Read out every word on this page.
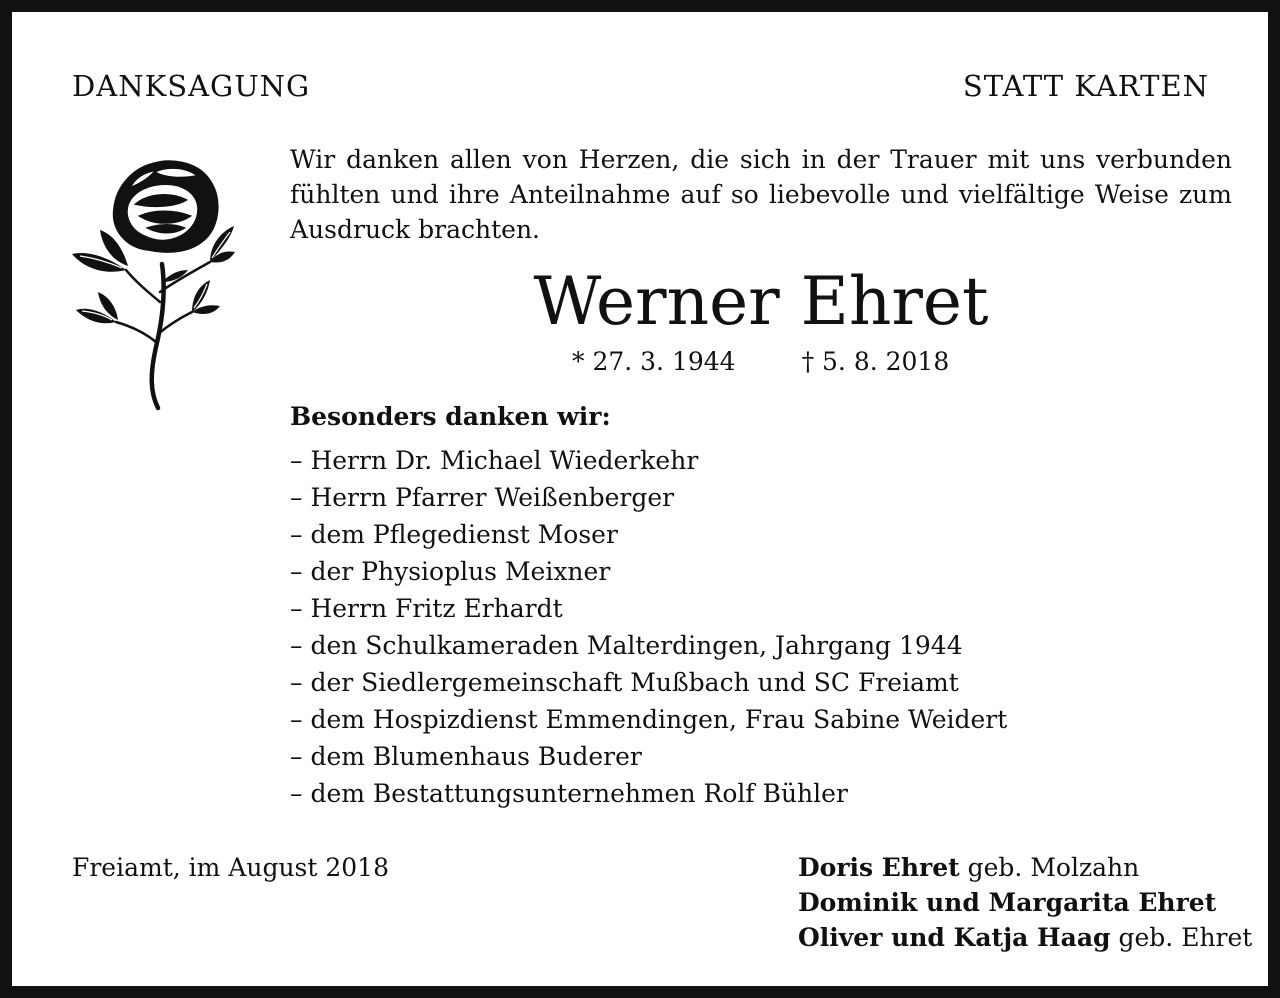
DANKSAGUNG	STATT KARTEN
Wir danken allen von Herzen, die sich in der Trauer mit uns verbunden fühlten und ihre Anteilnahme auf so liebevolle und vielfältige Weise zum Ausdruck brachten.
Werner Ehret
* 27. 3. 1944	† 5. 8. 2018
Besonders danken wir:
– Herrn Dr. Michael Wiederkehr
– Herrn Pfarrer Weißenberger
– dem Pflegedienst Moser
– der Physioplus Meixner
– Herrn Fritz Erhardt
– den Schulkameraden Malterdingen, Jahrgang 1944
– der Siedlergemeinschaft Mußbach und SC Freiamt
– dem Hospizdienst Emmendingen, Frau Sabine Weidert
– dem Blumenhaus Buderer
– dem Bestattungsunternehmen Rolf Bühler
Freiamt, im August 2018	Doris Ehret geb. Molzahn
Dominik und Margarita Ehret
Oliver und Katja Haag geb. Ehret
